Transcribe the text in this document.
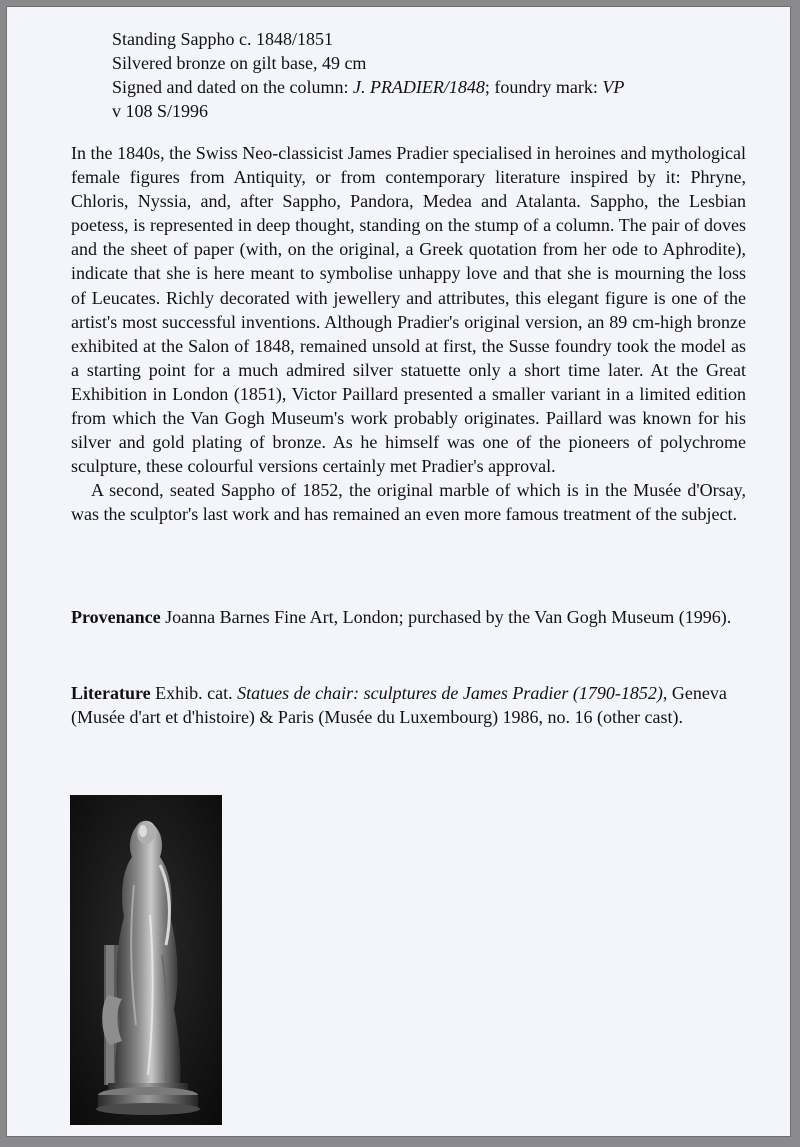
Standing Sappho c. 1848/1851
Silvered bronze on gilt base, 49 cm
Signed and dated on the column: J. PRADIER/1848; foundry mark: VP
v 108 S/1996

In the 1840s, the Swiss Neo-classicist James Pradier specialised in heroines and mythological female figures from Antiquity, or from contemporary literature inspired by it: Phryne, Chloris, Nyssia, and, after Sappho, Pandora, Medea and Atalanta. Sappho, the Lesbian poetess, is represented in deep thought, standing on the stump of a column. The pair of doves and the sheet of paper (with, on the original, a Greek quotation from her ode to Aphrodite), indicate that she is here meant to symbolise unhappy love and that she is mourning the loss of Leucates. Richly decorated with jewellery and attributes, this elegant figure is one of the artist's most successful inventions. Although Pradier's original version, an 89 cm-high bronze exhibited at the Salon of 1848, remained unsold at first, the Susse foundry took the model as a starting point for a much admired silver statuette only a short time later. At the Great Exhibition in London (1851), Victor Paillard presented a smaller variant in a limited edition from which the Van Gogh Museum's work probably originates. Paillard was known for his silver and gold plating of bronze. As he himself was one of the pioneers of polychrome sculpture, these colourful versions certainly met Pradier's approval.

A second, seated Sappho of 1852, the original marble of which is in the Musée d'Orsay, was the sculptor's last work and has remained an even more famous treatment of the subject.

Provenance Joanna Barnes Fine Art, London; purchased by the Van Gogh Museum (1996).
Literature Exhib. cat. Statues de chair: sculptures de James Pradier (1790-1852), Geneva (Musée d'art et d'histoire) & Paris (Musée du Luxembourg) 1986, no. 16 (other cast).
